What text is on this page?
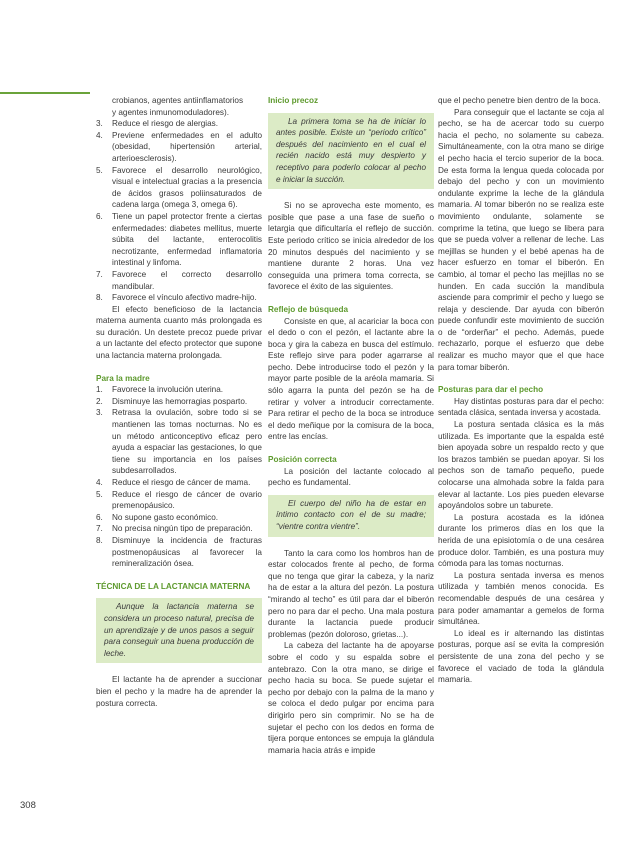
crobianos, agentes antiinflamatorios
y agentes inmunomoduladores).

3. Reduce el riesgo de alergias.
4. Previene enfermedades en el adulto (obesidad, hipertensión arterial, arterioesclerosis).
5. Favorece el desarrollo neurológico, visual e intelectual gracias a la presencia de ácidos grasos poliinsaturados de cadena larga (omega 3, omega 6).
6. Tiene un papel protector frente a ciertas enfermedades: diabetes mellitus, muerte súbita del lactante, enterocolitis necrotizante, enfermedad inflamatoria intestinal y linfoma.
7. Favorece el correcto desarrollo mandibular.
8. Favorece el vínculo afectivo madre-hijo.

El efecto beneficioso de la lactancia materna aumenta cuanto más prolongada es su duración. Un destete precoz puede privar a un lactante del efecto protector que supone una lactancia materna prolongada.

Para la madre
1. Favorece la involución uterina.
2. Disminuye las hemorragias posparto.
3. Retrasa la ovulación, sobre todo si se mantienen las tomas nocturnas. No es un método anticonceptivo eficaz pero ayuda a espaciar las gestaciones, lo que tiene su importancia en los países subdesarrollados.
4. Reduce el riesgo de cáncer de mama.
5. Reduce el riesgo de cáncer de ovario premenopáusico.
6. No supone gasto económico.
7. No precisa ningún tipo de preparación.
8. Disminuye la incidencia de fracturas postmenopáusicas al favorecer la remineralización ósea.
TÉCNICA DE LA LACTANCIA MATERNA

Aunque la lactancia materna se considera un proceso natural, precisa de un aprendizaje y de unos pasos a seguir para conseguir una buena producción de leche.

El lactante ha de aprender a succionar bien el pecho y la madre ha de aprender la postura correcta.

Inicio precoz

La primera toma se ha de iniciar lo antes posible. Existe un “periodo crítico” después del nacimiento en el cual el recién nacido está muy despierto y receptivo para poderlo colocar al pecho e iniciar la succión.

Si no se aprovecha este momento, es posible que pase a una fase de sueño o letargia que dificultaría el reflejo de succión. Este periodo crítico se inicia alrededor de los 20 minutos después del nacimiento y se mantiene durante 2 horas. Una vez conseguida una primera toma correcta, se favorece el éxito de las siguientes.

Reflejo de búsqueda

Consiste en que, al acariciar la boca con el dedo o con el pezón, el lactante abre la boca y gira la cabeza en busca del estímulo. Este reflejo sirve para poder agarrarse al pecho. Debe introducirse todo el pezón y la mayor parte posible de la aréola mamaria. Si sólo agarra la punta del pezón se ha de retirar y volver a introducir correctamente. Para retirar el pecho de la boca se introduce el dedo meñique por la comisura de la boca, entre las encías.

Posición correcta

La posición del lactante colocado al pecho es fundamental.

El cuerpo del niño ha de estar en íntimo contacto con el de su madre; “vientre contra vientre”.

Tanto la cara como los hombros han de estar colocados frente al pecho, de forma que no tenga que girar la cabeza, y la nariz ha de estar a la altura del pezón. La postura “mirando al techo” es útil para dar el biberón pero no para dar el pecho. Una mala postura durante la lactancia puede producir problemas (pezón doloroso, grietas...).

La cabeza del lactante ha de apoyarse sobre el codo y su espalda sobre el antebrazo. Con la otra mano, se dirige el pecho hacia su boca. Se puede sujetar el pecho por debajo con la palma de la mano y se coloca el dedo pulgar por encima para dirigirlo pero sin comprimir. No se ha de sujetar el pecho con los dedos en forma de tijera porque entonces se empuja la glándula mamaria hacia atrás e impide

que el pecho penetre bien dentro de la boca.

Para conseguir que el lactante se coja al pecho, se ha de acercar todo su cuerpo hacia el pecho, no solamente su cabeza. Simultáneamente, con la otra mano se dirige el pecho hacia el tercio superior de la boca. De esta forma la lengua queda colocada por debajo del pecho y con un movimiento ondulante exprime la leche de la glándula mamaria. Al tomar biberón no se realiza este movimiento ondulante, solamente se comprime la tetina, que luego se libera para que se pueda volver a rellenar de leche. Las mejillas se hunden y el bebé apenas ha de hacer esfuerzo en tomar el biberón. En cambio, al tomar el pecho las mejillas no se hunden. En cada succión la mandíbula asciende para comprimir el pecho y luego se relaja y desciende. Dar ayuda con biberón puede confundir este movimiento de succión o de “orderñar” el pecho. Además, puede rechazarlo, porque el esfuerzo que debe realizar es mucho mayor que el que hace para tomar biberón.

Posturas para dar el pecho

Hay distintas posturas para dar el pecho: sentada clásica, sentada inversa y acostada.

La postura sentada clásica es la más utilizada. Es importante que la espalda esté bien apoyada sobre un respaldo recto y que los brazos también se puedan apoyar. Si los pechos son de tamaño pequeño, puede colocarse una almohada sobre la falda para elevar al lactante. Los pies pueden elevarse apoyándolos sobre un taburete.

La postura acostada es la idónea durante los primeros días en los que la herida de una episiotomía o de una cesárea produce dolor. También, es una postura muy cómoda para las tomas nocturnas.

La postura sentada inversa es menos utilizada y también menos conocida. Es recomendable después de una cesárea y para poder amamantar a gemelos de forma simultánea.

Lo ideal es ir alternando las distintas posturas, porque así se evita la compresión persistente de una zona del pecho y se favorece el vaciado de toda la glándula mamaria.

308
